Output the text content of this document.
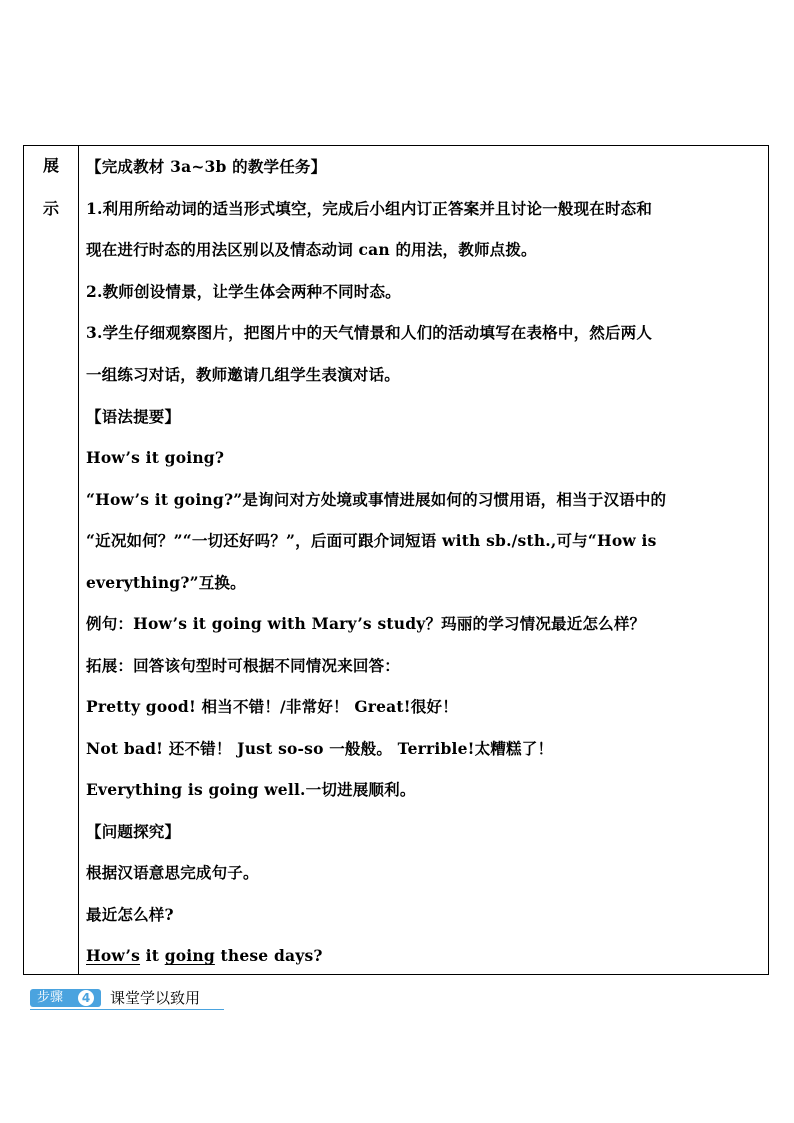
展
示
【完成教材 3a~3b 的教学任务】
1.利用所给动词的适当形式填空，完成后小组内订正答案并且讨论一般现在时态和
现在进行时态的用法区别以及情态动词 can 的用法，教师点拨。
2.教师创设情景，让学生体会两种不同时态。
3.学生仔细观察图片，把图片中的天气情景和人们的活动填写在表格中，然后两人
一组练习对话，教师邀请几组学生表演对话。
【语法提要】
How’s it going?
“How’s it going?”是询问对方处境或事情进展如何的习惯用语，相当于汉语中的
“近况如何？”“一切还好吗？”，后面可跟介词短语 with sb./sth.,可与“How is
everything?”互换。
例句：How’s it going with Mary’s study？玛丽的学习情况最近怎么样？
拓展：回答该句型时可根据不同情况来回答：
Pretty good! 相当不错！/非常好！ Great!很好！
Not bad! 还不错！ Just so-so 一般般。 Terrible!太糟糕了！
Everything is going well.一切进展顺利。
【问题探究】
根据汉语意思完成句子。
最近怎么样?
How’s it going these days?
步骤	4 课堂学以致用
